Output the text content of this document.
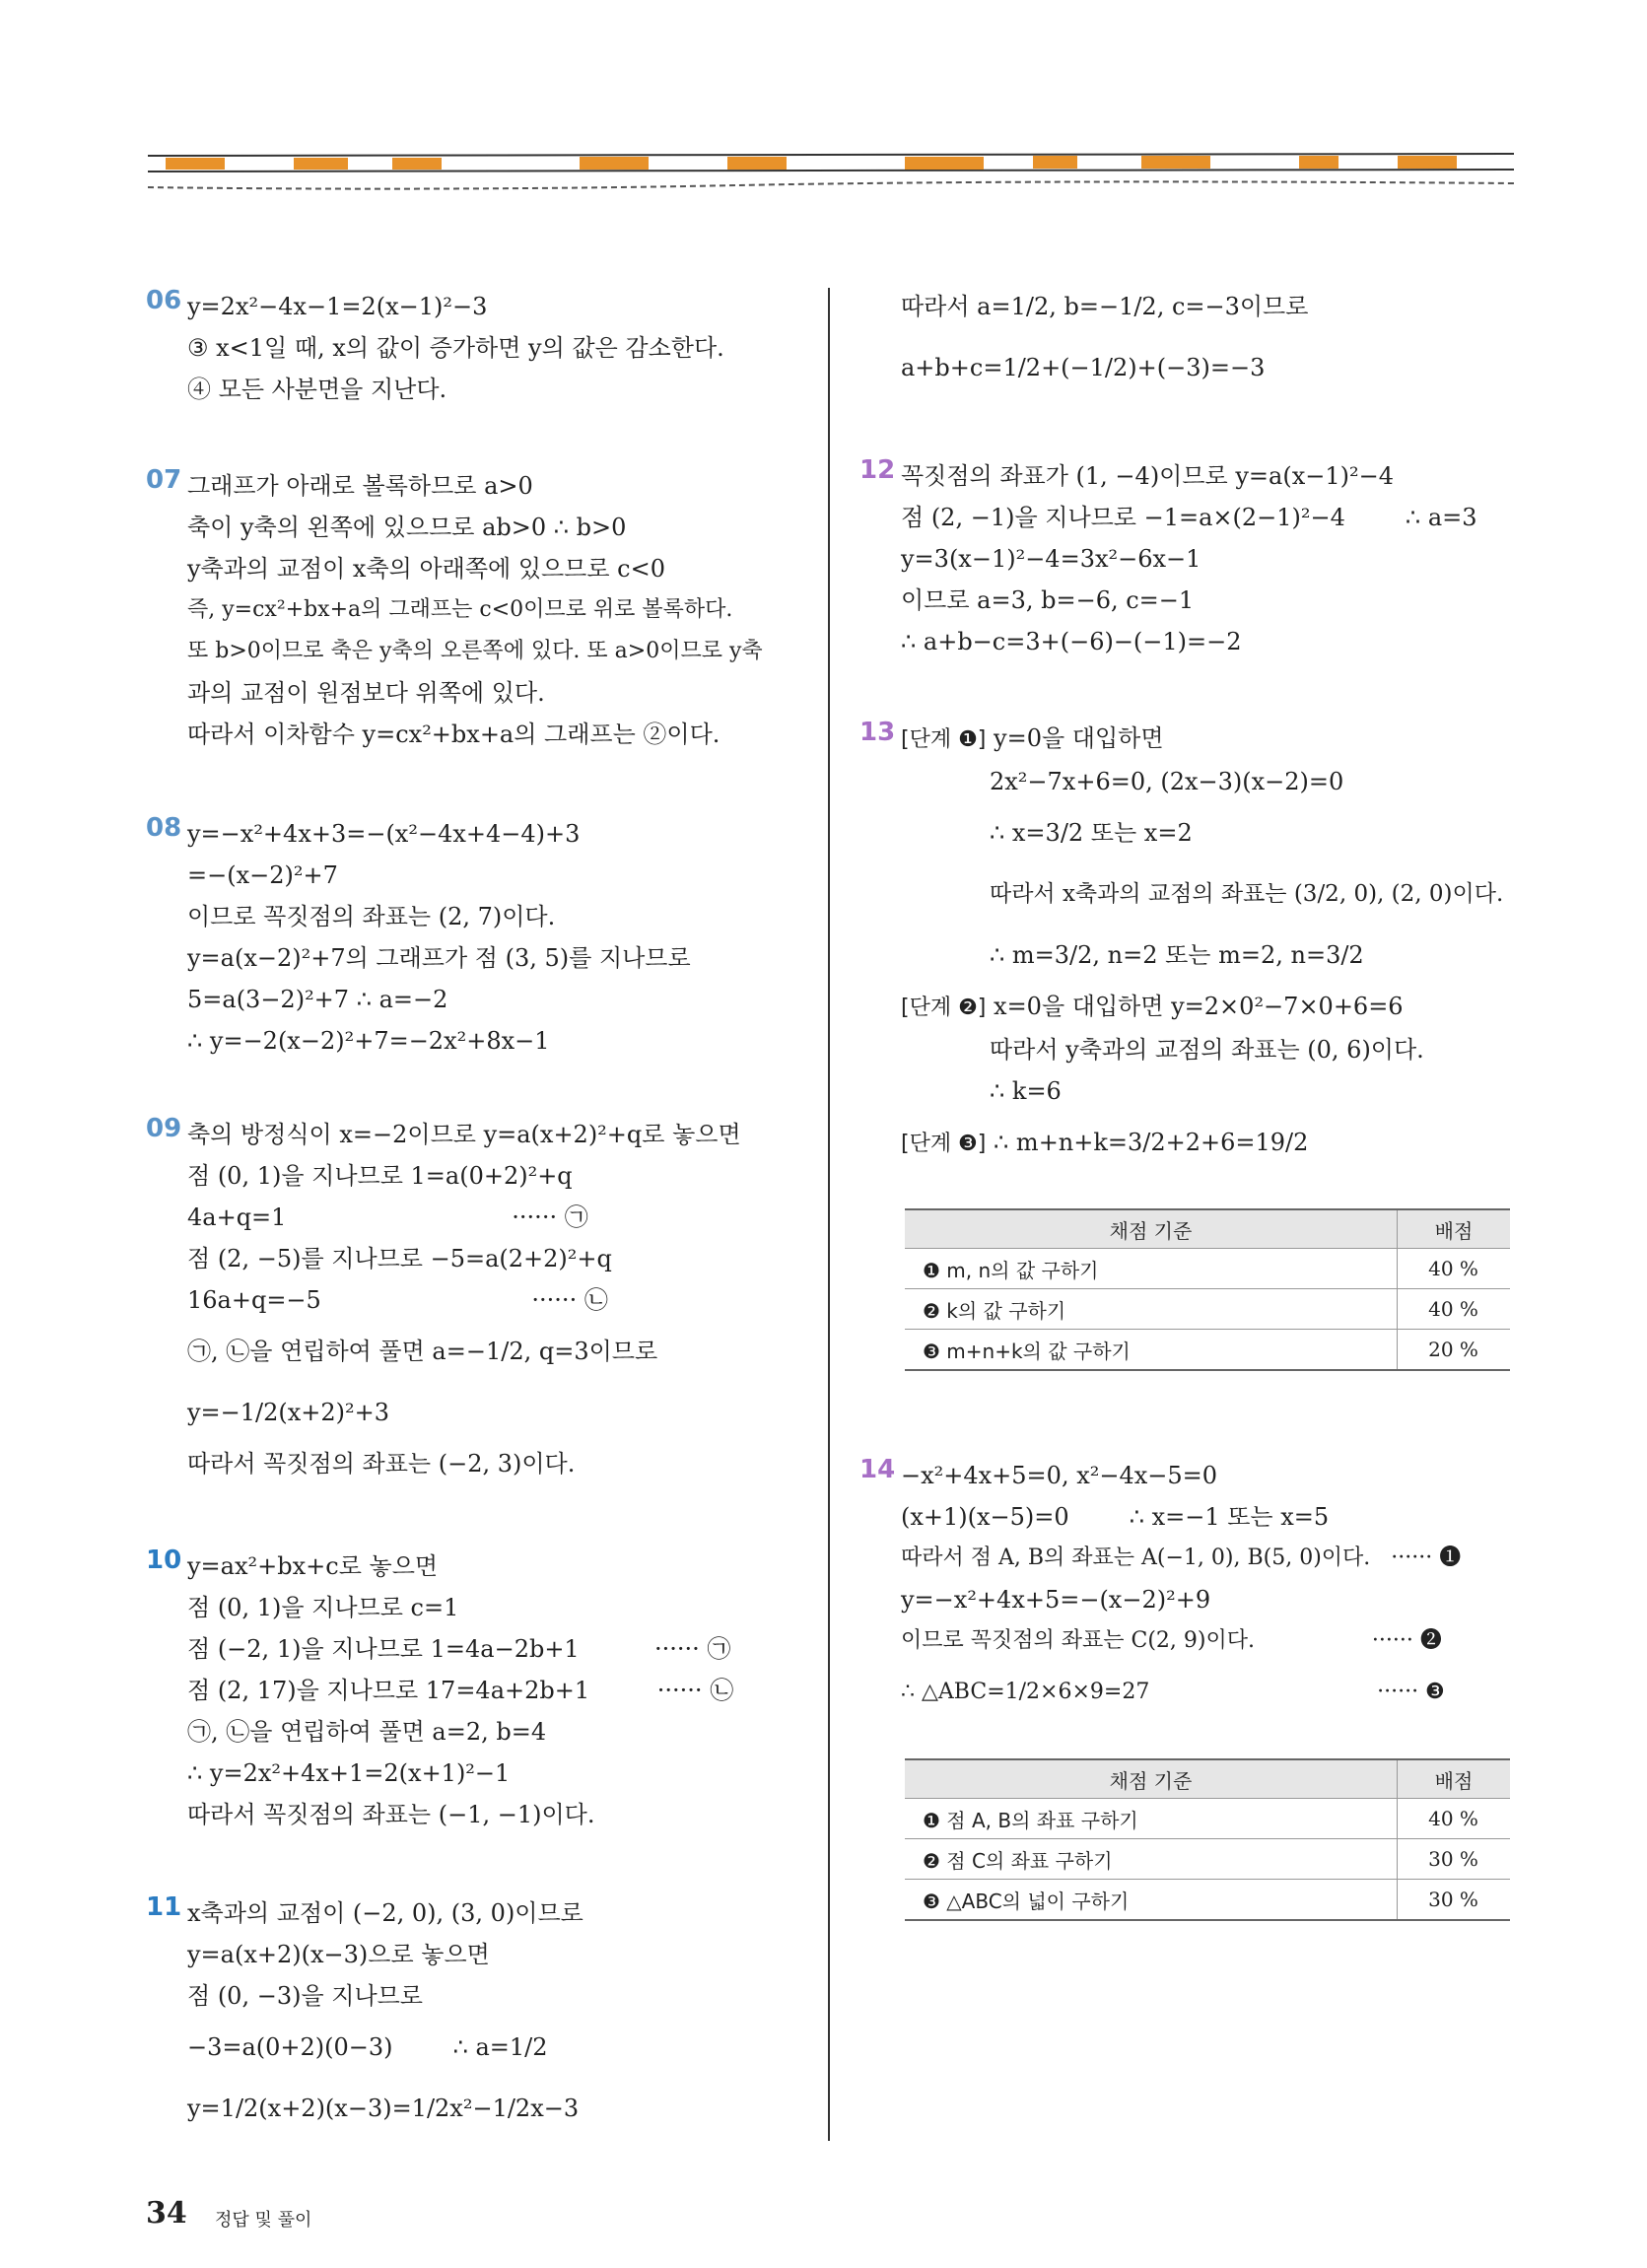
06 y=2x²−4x−1=2(x−1)²−3
③ x<1일 때, x의 값이 증가하면 y의 값은 감소한다.
④ 모든 사분면을 지난다.
07 그래프가 아래로 볼록하므로 a>0
축이 y축의 왼쪽에 있으므로 ab>0 ∴ b>0
y축과의 교점이 x축의 아래쪽에 있으므로 c<0
즉, y=cx²+bx+a의 그래프는 c<0이므로 위로 볼록하다.
또 b>0이므로 축은 y축의 오른쪽에 있다. 또 a>0이므로 y축
과의 교점이 원점보다 위쪽에 있다.
따라서 이차함수 y=cx²+bx+a의 그래프는 ②이다.
08 y=−x²+4x+3=−(x²−4x+4−4)+3
=−(x−2)²+7
이므로 꼭짓점의 좌표는 (2, 7)이다.
y=a(x−2)²+7의 그래프가 점 (3, 5)를 지나므로
5=a(3−2)²+7 ∴ a=−2
∴ y=−2(x−2)²+7=−2x²+8x−1
09 축의 방정식이 x=−2이므로 y=a(x+2)²+q로 놓으면
점 (0, 1)을 지나므로 1=a(0+2)²+q
4a+q=1                              ······ ㉠
점 (2, −5)를 지나므로 −5=a(2+2)²+q
16a+q=−5                            ······ ㉡
㉠, ㉡을 연립하여 풀면 a=−1/2, q=3이므로
y=−1/2(x+2)²+3
따라서 꼭짓점의 좌표는 (−2, 3)이다.
10 y=ax²+bx+c로 놓으면
점 (0, 1)을 지나므로 c=1
점 (−2, 1)을 지나므로 1=4a−2b+1          ······ ㉠
점 (2, 17)을 지나므로 17=4a+2b+1         ······ ㉡
㉠, ㉡을 연립하여 풀면 a=2, b=4
∴ y=2x²+4x+1=2(x+1)²−1
따라서 꼭짓점의 좌표는 (−1, −1)이다.
11 x축과의 교점이 (−2, 0), (3, 0)이므로
y=a(x+2)(x−3)으로 놓으면
점 (0, −3)을 지나므로
−3=a(0+2)(0−3)        ∴ a=1/2
y=1/2(x+2)(x−3)=1/2x²−1/2x−3
따라서 a=1/2, b=−1/2, c=−3이므로
a+b+c=1/2+(−1/2)+(−3)=−3
12 꼭짓점의 좌표가 (1, −4)이므로 y=a(x−1)²−4
점 (2, −1)을 지나므로 −1=a×(2−1)²−4        ∴ a=3
y=3(x−1)²−4=3x²−6x−1
이므로 a=3, b=−6, c=−1
∴ a+b−c=3+(−6)−(−1)=−2
13 [단계 ❶] y=0을 대입하면
2x²−7x+6=0, (2x−3)(x−2)=0
∴ x=3/2 또는 x=2
따라서 x축과의 교점의 좌표는 (3/2, 0), (2, 0)이다.
∴ m=3/2, n=2 또는 m=2, n=3/2
[단계 ❷] x=0을 대입하면 y=2×0²−7×0+6=6
따라서 y축과의 교점의 좌표는 (0, 6)이다.
∴ k=6
[단계 ❸] ∴ m+n+k=3/2+2+6=19/2
채점 기준	배점
❶ m, n의 값 구하기	40 %
❷ k의 값 구하기	40 %
❸ m+n+k의 값 구하기	20 %
14 −x²+4x+5=0, x²−4x−5=0
(x+1)(x−5)=0        ∴ x=−1 또는 x=5
따라서 점 A, B의 좌표는 A(−1, 0), B(5, 0)이다.   ······ ❶
y=−x²+4x+5=−(x−2)²+9
이므로 꼭짓점의 좌표는 C(2, 9)이다.                 ······ ❷
∴ △ABC=1/2×6×9=27                                 ······ ❸
채점 기준	배점
❶ 점 A, B의 좌표 구하기	40 %
❷ 점 C의 좌표 구하기	30 %
❸ △ABC의 넓이 구하기	30 %
34 정답 및 풀이
